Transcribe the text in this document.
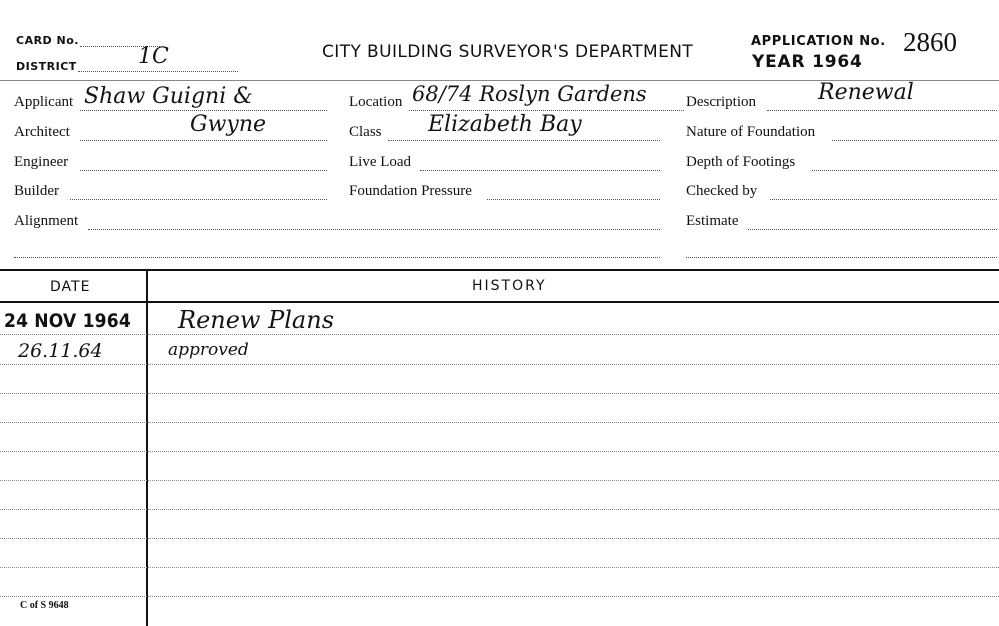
CARD No.
DISTRICT	1C	CITY BUILDING SURVEYOR'S DEPARTMENT
APPLICATION No. 2860
YEAR 1964
Applicant Shaw Guigni &
Architect	Gwyne
Engineer
Builder
Alignment
Location 68/74 Roslyn Gardens
Class Elizabeth Bay
Live Load
Foundation Pressure
Description	Renewal
Nature of Foundation
Depth of Footings
Checked by
Estimate
DATE	HISTORY
24 NOV 1964 Renew Plans
26.11.64	approved
C of S 9648
